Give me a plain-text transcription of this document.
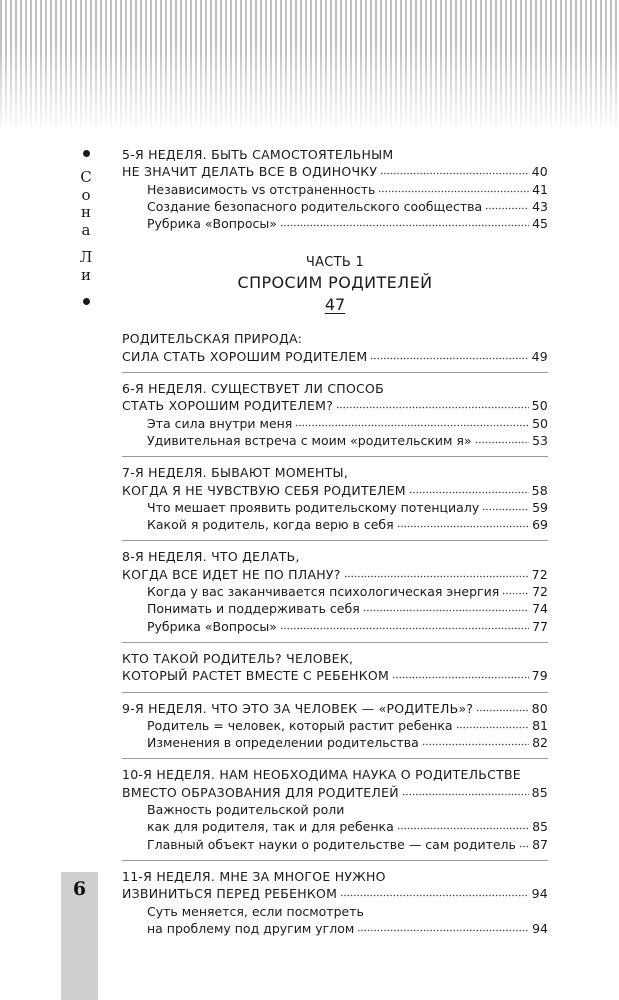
С
о
н
а
Л
и
6
5-Я НЕДЕЛЯ. БЫТЬ САМОСТОЯТЕЛЬНЫМ
НЕ ЗНАЧИТ ДЕЛАТЬ ВСЕ В ОДИНОЧКУ	40
Независимость vs отстраненность	41
Создание безопасного родительского сообщества	43
Рубрика «Вопросы»	45
ЧАСТЬ 1
СПРОСИМ РОДИТЕЛЕЙ
47
РОДИТЕЛЬСКАЯ ПРИРОДА:
СИЛА СТАТЬ ХОРОШИМ РОДИТЕЛЕМ	49
6-Я НЕДЕЛЯ. СУЩЕСТВУЕТ ЛИ СПОСОБ
СТАТЬ ХОРОШИМ РОДИТЕЛЕМ?	50
Эта сила внутри меня	50
Удивительная встреча с моим «родительским я»	53
7-Я НЕДЕЛЯ. БЫВАЮТ МОМЕНТЫ,
КОГДА Я НЕ ЧУВСТВУЮ СЕБЯ РОДИТЕЛЕМ	58
Что мешает проявить родительскому потенциалу	59
Какой я родитель, когда верю в себя	69
8-Я НЕДЕЛЯ. ЧТО ДЕЛАТЬ,
КОГДА ВСЕ ИДЕТ НЕ ПО ПЛАНУ?	72
Когда у вас заканчивается психологическая энергия	72
Понимать и поддерживать себя	74
Рубрика «Вопросы»	77
КТО ТАКОЙ РОДИТЕЛЬ? ЧЕЛОВЕК,
КОТОРЫЙ РАСТЕТ ВМЕСТЕ С РЕБЕНКОМ	79
9-Я НЕДЕЛЯ. ЧТО ЭТО ЗА ЧЕЛОВЕК — «РОДИТЕЛЬ»?	80
Родитель = человек, который растит ребенка	81
Изменения в определении родительства	82
10-Я НЕДЕЛЯ. НАМ НЕОБХОДИМА НАУКА О РОДИТЕЛЬСТВЕ
ВМЕСТО ОБРАЗОВАНИЯ ДЛЯ РОДИТЕЛЕЙ	85
Важность родительской роли
как для родителя, так и для ребенка	85
Главный объект науки о родительстве — сам родитель 87
11-Я НЕДЕЛЯ. МНЕ ЗА МНОГОЕ НУЖНО
ИЗВИНИТЬСЯ ПЕРЕД РЕБЕНКОМ	94
Суть меняется, если посмотреть
на проблему под другим углом	94
